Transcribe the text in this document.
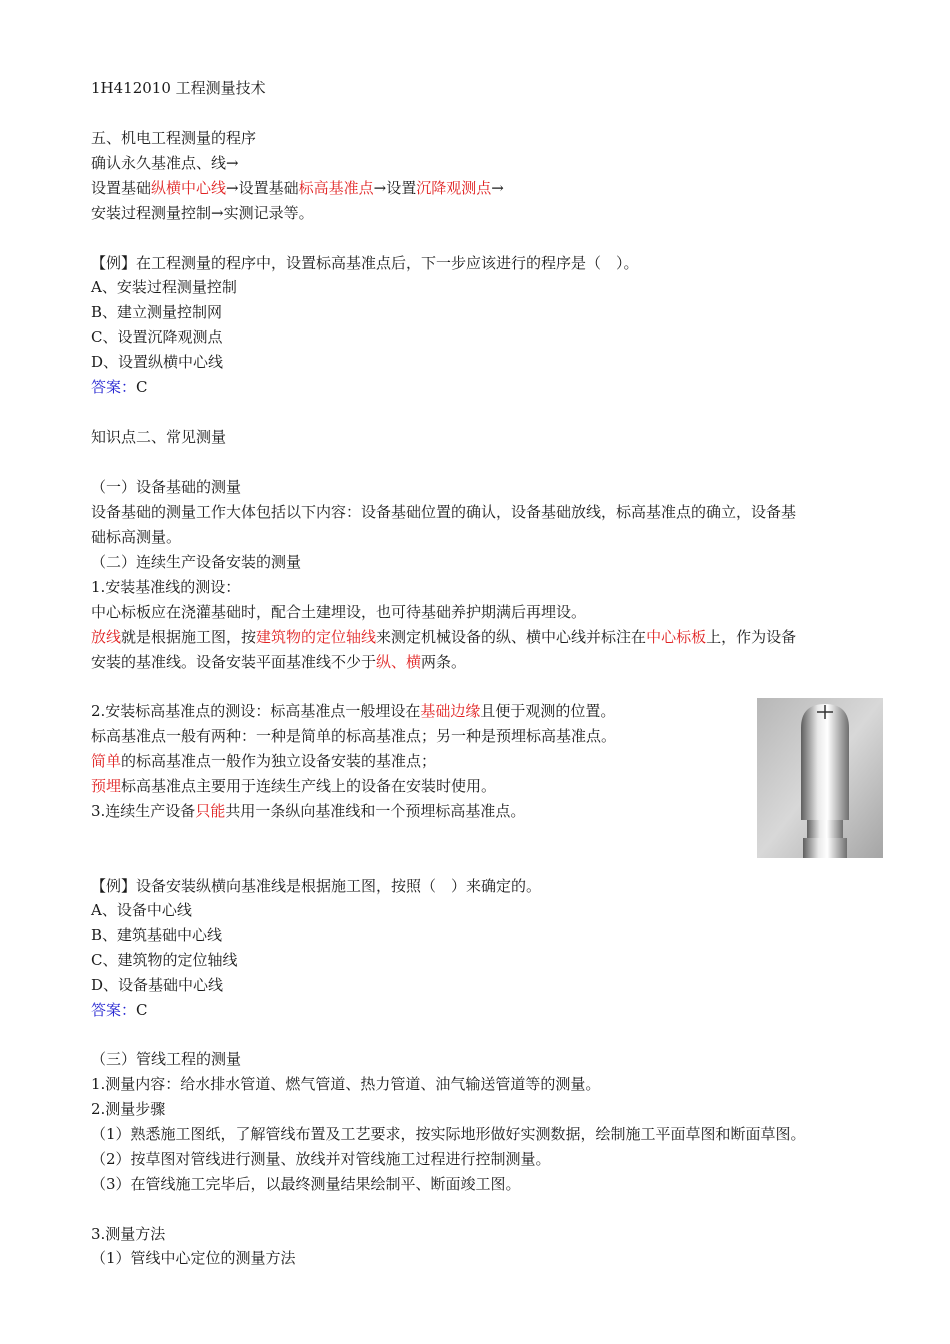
1H412010 工程测量技术
五、机电工程测量的程序
确认永久基准点、线→
设置基础纵横中心线→设置基础标高基准点→设置沉降观测点→
安装过程测量控制→实测记录等。
【例】在工程测量的程序中，设置标高基准点后，下一步应该进行的程序是（　）。
A、安装过程测量控制
B、建立测量控制网
C、设置沉降观测点
D、设置纵横中心线
答案：C
知识点二、常见测量
（一）设备基础的测量
设备基础的测量工作大体包括以下内容：设备基础位置的确认，设备基础放线，标高基准点的确立，设备基
础标高测量。
（二）连续生产设备安装的测量
1.安装基准线的测设：
中心标板应在浇灌基础时，配合土建埋设，也可待基础养护期满后再埋设。
放线就是根据施工图，按建筑物的定位轴线来测定机械设备的纵、横中心线并标注在中心标板上，作为设备
安装的基准线。设备安装平面基准线不少于纵、横两条。
2.安装标高基准点的测设：标高基准点一般埋设在基础边缘且便于观测的位置。
标高基准点一般有两种：一种是简单的标高基准点；另一种是预埋标高基准点。
简单的标高基准点一般作为独立设备安装的基准点；
预埋标高基准点主要用于连续生产线上的设备在安装时使用。
3.连续生产设备只能共用一条纵向基准线和一个预埋标高基准点。
【例】设备安装纵横向基准线是根据施工图，按照（　）来确定的。
A、设备中心线
B、建筑基础中心线
C、建筑物的定位轴线
D、设备基础中心线
答案：C
（三）管线工程的测量
1.测量内容：给水排水管道、燃气管道、热力管道、油气输送管道等的测量。
2.测量步骤
（1）熟悉施工图纸，了解管线布置及工艺要求，按实际地形做好实测数据，绘制施工平面草图和断面草图。
（2）按草图对管线进行测量、放线并对管线施工过程进行控制测量。
（3）在管线施工完毕后，以最终测量结果绘制平、断面竣工图。
3.测量方法
（1）管线中心定位的测量方法
